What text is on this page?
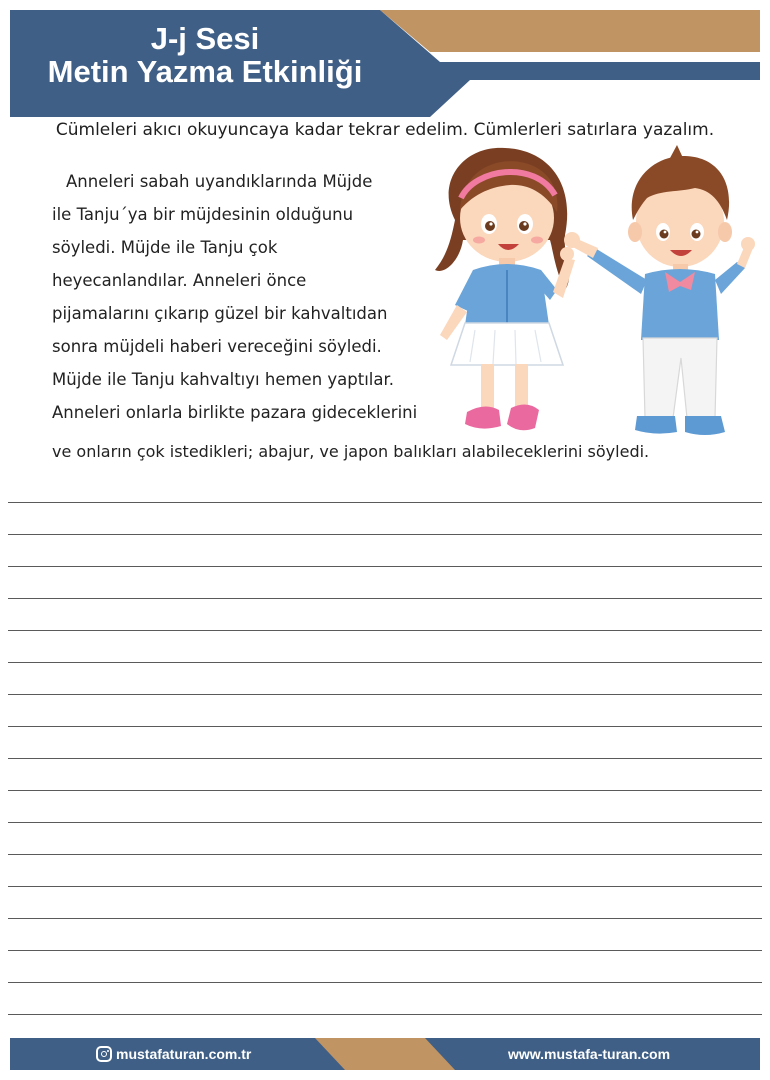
J-j Sesi
Metin Yazma Etkinliği
Cümleleri akıcı okuyuncaya kadar tekrar edelim. Cümlerleri satırlara yazalım.
Anneleri sabah uyandıklarında Müjde
ile Tanju´ya bir müjdesinin olduğunu
söyledi. Müjde ile Tanju çok
heyecanlandılar. Anneleri önce
pijamalarını çıkarıp güzel bir kahvaltıdan
sonra müjdeli haberi vereceğini söyledi.
Müjde ile Tanju kahvaltıyı hemen yaptılar.
Anneleri onlarla birlikte pazara gideceklerini
ve onların çok istedikleri; abajur, ve japon balıkları alabileceklerini söyledi.
mustafaturan.com.tr	www.mustafa-turan.com
